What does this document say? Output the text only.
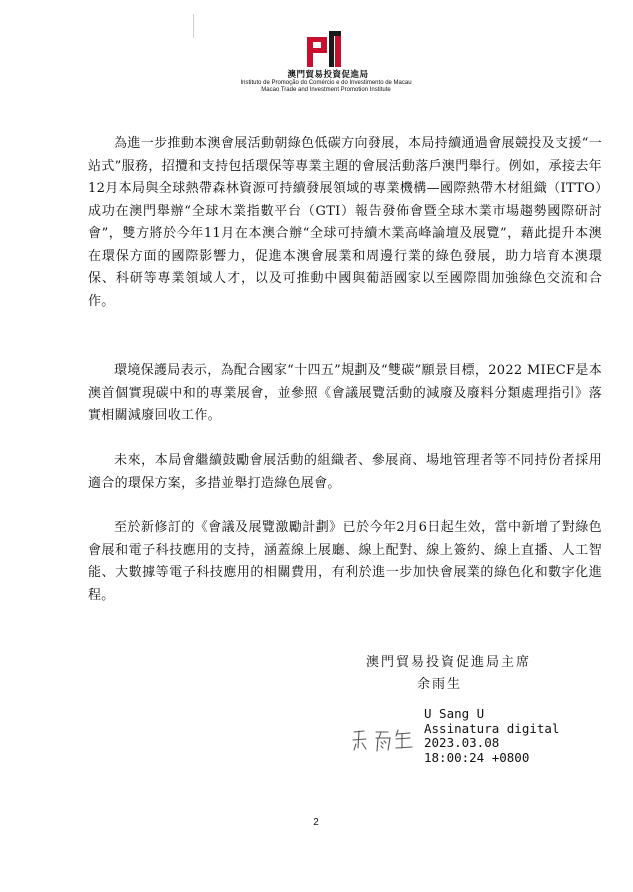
澳門貿易投資促進局
Instituto de Promoção do Comércio e do Investimento de Macau
Macao Trade and Investment Promotion Institute

為進一步推動本澳會展活動朝綠色低碳方向發展，本局持續通過會展競投及支援“一站式”服務，招攬和支持包括環保等專業主題的會展活動落戶澳門舉行。例如，承接去年12月本局與全球熱帶森林資源可持續發展領域的專業機構—國際熱帶木材組織（ITTO）成功在澳門舉辦“全球木業指數平台（GTI）報告發佈會暨全球木業市場趨勢國際研討會”，雙方將於今年11月在本澳合辦“全球可持續木業高峰論壇及展覽”，藉此提升本澳在環保方面的國際影響力，促進本澳會展業和周邊行業的綠色發展，助力培育本澳環保、科研等專業領域人才，以及可推動中國與葡語國家以至國際間加強綠色交流和合作。

環境保護局表示，為配合國家“十四五”規劃及“雙碳”願景目標，2022 MIECF是本澳首個實現碳中和的專業展會，並參照《會議展覽活動的減廢及廢料分類處理指引》落實相關減廢回收工作。

未來，本局會繼續鼓勵會展活動的組織者、參展商、場地管理者等不同持份者採用適合的環保方案，多措並舉打造綠色展會。

至於新修訂的《會議及展覽激勵計劃》已於今年2月6日起生效，當中新增了對綠色會展和電子科技應用的支持，涵蓋線上展廳、線上配對、線上簽約、線上直播、人工智能、大數據等電子科技應用的相關費用，有利於進一步加快會展業的綠色化和數字化進程。

澳門貿易投資促進局主席
余雨生
U Sang U
Assinatura digital
2023.03.08
18:00:24 +0800
2
